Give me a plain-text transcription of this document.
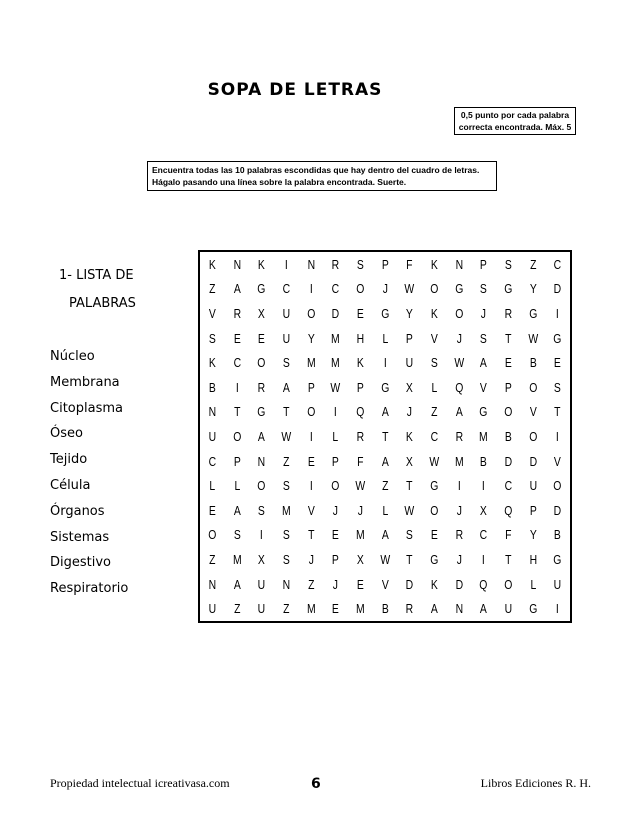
SOPA DE LETRAS
0,5 punto por cada palabra
correcta encontrada. Máx. 5
Encuentra todas las 10 palabras escondidas que hay dentro del cuadro de letras.
Hágalo pasando una línea sobre la palabra encontrada. Suerte.
1- LISTA DE
PALABRAS
Núcleo
Membrana
Citoplasma
Óseo
Tejido
Célula
Órganos
Sistemas
Digestivo
Respiratorio
K	N	K	I	N	R	S	P	F	K	N	P	S	Z	C
Z	A	G	C	I	C	O	J	W	O	G	S	G	Y	D
V	R	X	U	O	D	E	G	Y	K	O	J	R	G	I
S	E	E	U	Y	M	H	L	P	V	J	S	T	W	G
K	C	O	S	M	M	K	I	U	S	W	A	E	B	E
B	I	R	A	P	W	P	G	X	L	Q	V	P	O	S
N	T	G	T	O	I	Q	A	J	Z	A	G	O	V	T
U	O	A	W	I	L	R	T	K	C	R	M	B	O	I
C	P	N	Z	E	P	F	A	X	W	M	B	D	D	V
L	L	O	S	I	O	W	Z	T	G	I	I	C	U	O
E	A	S	M	V	J	J	L	W	O	J	X	Q	P	D
O	S	I	S	T	E	M	A	S	E	R	C	F	Y	B
Z	M	X	S	J	P	X	W	T	G	J	I	T	H	G
N	A	U	N	Z	J	E	V	D	K	D	Q	O	L	U
U	Z	U	Z	M	E	M	B	R	A	N	A	U	G	I
Propiedad intelectual icreativasa.com	6	Libros Ediciones R. H.
